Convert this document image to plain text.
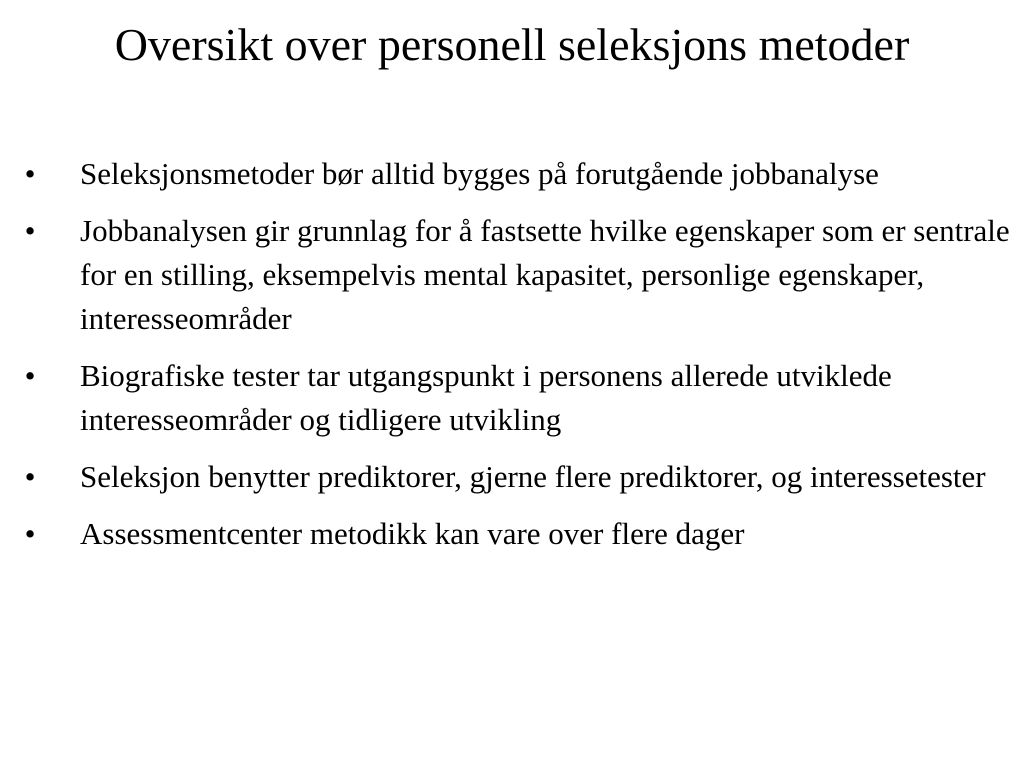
Oversikt over personell seleksjons metoder
• Seleksjonsmetoder bør alltid bygges på forutgående jobbanalyse
• Jobbanalysen gir grunnlag for å fastsette hvilke egenskaper som er sentrale for en stilling, eksempelvis mental kapasitet, personlige egenskaper, interesseområder
• Biografiske tester tar utgangspunkt i personens allerede utviklede interesseområder og tidligere utvikling
• Seleksjon benytter prediktorer, gjerne flere prediktorer, og interessetester
• Assessmentcenter metodikk kan vare over flere dager
